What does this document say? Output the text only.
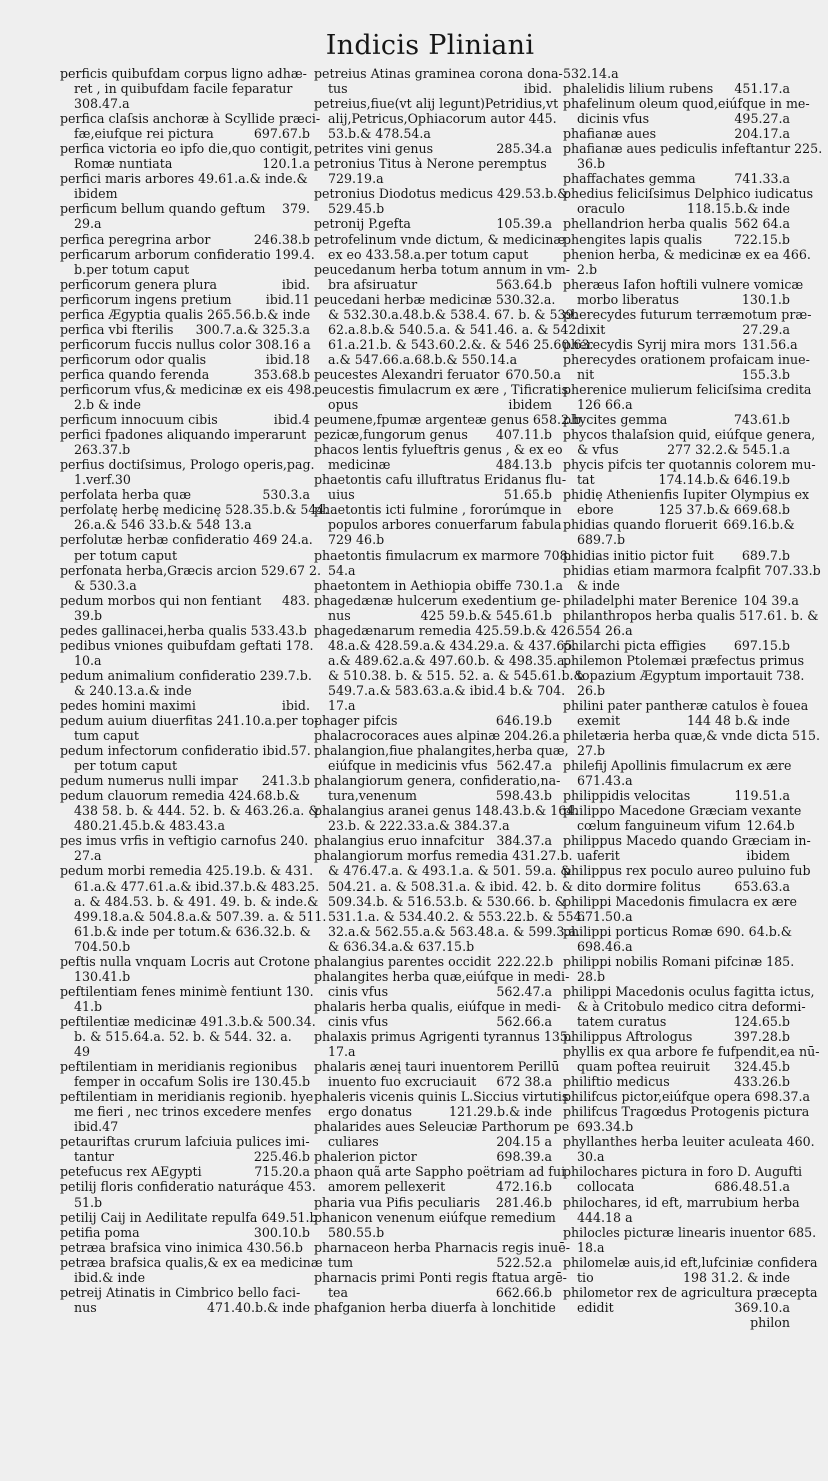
Indicis Pliniani
perficis quibufdam corpus ligno adhæ-
ret , in quibufdam facile feparatur
308.47.a
perfica claſsis anchoræ à Scyllide præci-
fæ,eiufque rei pictura	697.67.b
perfica victoria eo ipfo die,quo contigit,
Romæ nuntiata	120.1.a
perfici maris arbores 49.61.a.& inde.&
ibidem
perficum bellum quando geftum	379.
29.a
perfica peregrina arbor	246.38.b
perficarum arborum confideratio 199.4.
b.per totum caput
perficorum genera plura	ibid.
perficorum ingens pretium	ibid.11
perfica Ægyptia qualis 265.56.b.& inde
perfica vbi fterilis	300.7.a.& 325.3.a
perficorum fuccis nullus color 308.16 a
perficorum odor qualis	ibid.18
perfica quando ferenda	353.68.b
perficorum vfus,& medicinæ ex eis 498.
2.b & inde
perficum innocuum cibis	ibid.4
perfici fpadones aliquando imperarunt
263.37.b
perfius doctiſsimus, Prologo operis,pag.
1.verf.30
perfolata herba quæ	530.3.a
perfolatę herbę medicinę 528.35.b.& 544.
26.a.& 546 33.b.& 548 13.a
perfolutæ herbæ confideratio 469 24.a.
per totum caput
perfonata herba,Græcis arcion 529.67 2.
& 530.3.a
pedum morbos qui non fentiant	483.
39.b
pedes gallinacei,herba qualis 533.43.b
pedibus vniones quibufdam geftati 178.
10.a
pedum animalium confideratio 239.7.b.
& 240.13.a.& inde
pedes homini maximi	ibid.
pedum auium diuerfitas 241.10.a.per to-
tum caput
pedum infectorum confideratio ibid.57.
per totum caput
pedum numerus nulli impar	241.3.b
pedum clauorum remedia 424.68.b.&
438 58. b. & 444. 52. b. & 463.26.a. &
480.21.45.b.& 483.43.a
pes imus vrfis in veftigio carnofus 240.
27.a
pedum morbi remedia 425.19.b. & 431.
61.a.& 477.61.a.& ibid.37.b.& 483.25.
a. & 484.53. b. & 491. 49. b. & inde.&
499.18.a.& 504.8.a.& 507.39. a. & 511.
61.b.& inde per totum.& 636.32.b. &
704.50.b
peftis nulla vnquam Locris aut Crotone
130.41.b
peftilentiam fenes minimè fentiunt 130.
41.b
peftilentiæ medicinæ 491.3.b.& 500.34.
b. & 515.64.a. 52. b. & 544. 32. a.
49
peftilentiam in meridianis regionibus
femper in occafum Solis ire 130.45.b
peftilentiam in meridianis regionib. hye
me fieri , nec trinos excedere menfes
ibid.47
petauriftas crurum lafciuia pulices imi-
tantur	225.46.b
petefucus rex AEgypti	715.20.a
petilij floris confideratio naturáque 453.
51.b
petilij Caij in Aedilitate repulfa 649.51.b
petifia poma	300.10.b
petræa brafsica vino inimica 430.56.b
petræa brafsica qualis,& ex ea medicinæ
ibid.& inde
petreij Atinatis in Cimbrico bello faci-
nus	471.40.b.& inde
petreius Atinas graminea corona dona-
tus	ibid.
petreius,fiue(vt alij legunt)Petridius,vt
alij,Petricus,Ophiacorum autor 445.
53.b.& 478.54.a
petrites vini genus	285.34.a
petronius Titus à Nerone peremptus
729.19.a
petronius Diodotus medicus 429.53.b.&
529.45.b
petronij P.gefta	105.39.a
petrofelinum vnde dictum, & medicinæ
ex eo 433.58.a.per totum caput
peucedanum herba totum annum in vm-
bra afsiruatur	563.64.b
peucedani herbæ medicinæ 530.32.a.
& 532.30.a.48.b.& 538.4. 67. b. & 539.
62.a.8.b.& 540.5.a. & 541.46. a. & 542.
61.a.21.b. & 543.60.2.&. & 546 25.60.63.
a.& 547.66.a.68.b.& 550.14.a
peucestes Alexandri feruator 670.50.a
peucestis fimulacrum ex ære , Tificratis
opus	ibidem
peumene,fpumæ argenteæ genus 658.2.b
pezicæ,fungorum genus	407.11.b
phacos lentis fylueftris genus , & ex eo
medicinæ	484.13.b
phaetontis cafu illuftratus Eridanus flu-
uius	51.65.b
phaetontis icti fulmine , fororúmque in
populos arbores conuerfarum fabula
729 46.b
phaetontis fimulacrum ex marmore 708.
54.a
phaetontem in Aethiopia obiffe 730.1.a
phagedænæ hulcerum exedentium ge-
nus	425 59.b.& 545.61.b
phagedænarum remedia 425.59.b.& 426.
48.a.& 428.59.a.& 434.29.a. & 437.65.
a.& 489.62.a.& 497.60.b. & 498.35.a.
& 510.38. b. & 515. 52. a. & 545.61.b.&
549.7.a.& 583.63.a.& ibid.4 b.& 704.
17.a
phager pifcis	646.19.b
phalacrocoraces aues alpinæ 204.26.a
phalangion,fiue phalangites,herba quæ,
eiúfque in medicinis vfus 562.47.a
phalangiorum genera, confideratio,na-
tura,venenum	598.43.b
phalangius aranei genus 148.43.b.& 164.
23.b. & 222.33.a.& 384.37.a
phalangius eruo innafcitur 384.37.a
phalangiorum morfus remedia 431.27.b.
& 476.47.a. & 493.1.a. & 501. 59.a. &
504.21. a. & 508.31.a. & ibid. 42. b. &
509.34.b. & 516.53.b. & 530.66. b. &
531.1.a. & 534.40.2. & 553.22.b. & 554.
32.a.& 562.55.a.& 563.48.a. & 599.3.a.
& 636.34.a.& 637.15.b
phalangius parentes occidit 222.22.b
phalangites herba quæ,eiúfque in medi-
cinis vfus	562.47.a
phalaris herba qualis, eiúfque in medi-
cinis vfus	562.66.a
phalaxis primus Agrigenti tyrannus 135.
17.a
phalaris æneį tauri inuentorem Perillū
inuento fuo excruciauit	672 38.a
phaleris vicenis quinis L.Siccius virtutis
ergo donatus	121.29.b.& inde
phalarides aues Seleuciæ Parthorum pe
culiares	204.15 a
phalerion pictor	698.39.a
phaon quã arte Sappho poëtriam ad fui
amorem pellexerit	472.16.b
pharia vua Pifis peculiaris	281.46.b
phanicon venenum eiúfque remedium
580.55.b
pharnaceon herba Pharnacis regis inuē-
tum	522.52.a
pharnacis primi Ponti regis ftatua argē-
tea	662.66.b
phafganion herba diuerfa à lonchitide
532.14.a
phalelidis lilium rubens	451.17.a
phafelinum oleum quod,eiúfque in me-
dicinis vfus	495.27.a
phafianæ aues	204.17.a
phafianæ aues pediculis infeftantur 225.
36.b
phaffachates gemma	741.33.a
phedius feliciſsimus Delphico iudicatus
oraculo	118.15.b.& inde
phellandrion herba qualis 562 64.a
phengites lapis qualis	722.15.b
phenion herba, & medicinæ ex ea 466.
2.b
pheræus Iafon hoftili vulnere vomicæ
morbo liberatus	130.1.b
pherecydes futurum terræmotum præ-
dixit	27.29.a
pherecydis Syrij mira mors 131.56.a
pherecydes orationem profaicam inue-
nit	155.3.b
pherenice mulierum feliciſsima credita
126 66.a
phycites gemma	743.61.b
phycos thalaſsion quid, eiúfque genera,
& vfus	277 32.2.& 545.1.a
phycis pifcis ter quotannis colorem mu-
tat	174.14.b.& 646.19.b
phidię Athenienfis Iupiter Olympius ex
ebore	125 37.b.& 669.68.b
phidias quando floruerit 669.16.b.&
689.7.b
phidias initio pictor fuit	689.7.b
phidias etiam marmora fcalpfit 707.33.b
& inde
philadelphi mater Berenice 104 39.a
philanthropos herba qualis 517.61. b. &
554 26.a
philarchi picta effigies	697.15.b
philemon Ptolemæi præfectus primus
topazium Ægyptum importauit 738.
26.b
philini pater pantheræ catulos è fouea
exemit	144 48 b.& inde
philetæria herba quæ,& vnde dicta 515.
27.b
philefij Apollinis fimulacrum ex ære
671.43.a
philippidis velocitas	119.51.a
philippo Macedone Græciam vexante
cœlum fanguineum vifum 12.64.b
philippus Macedo quando Græciam in-
uaferit	ibidem
philippus rex poculo aureo puluino fub
dito dormire folitus	653.63.a
philippi Macedonis fimulacra ex ære
671.50.a
philippi porticus Romæ 690. 64.b.&
698.46.a
philippi nobilis Romani pifcinæ 185.
28.b
philippi Macedonis oculus fagitta ictus,
& à Critobulo medico citra deformi-
tatem curatus	124.65.b
philippus Aftrologus	397.28.b
phyllis ex qua arbore fe fufpendit,ea nū-
quam poftea reuiruit	324.45.b
philiftio medicus	433.26.b
philifcus pictor,eiúfque opera 698.37.a
philifcus Tragœdus Protogenis pictura
693.34.b
phyllanthes herba leuiter aculeata 460.
30.a
philochares pictura in foro D. Augufti
collocata	686.48.51.a
philochares, id eft, marrubium herba
444.18 a
philocles picturæ linearis inuentor 685.
18.a
philomelæ auis,id eft,lufciniæ confidera
tio	198 31.2. & inde
philometor rex de agricultura præcepta
edidit	369.10.a
philon
